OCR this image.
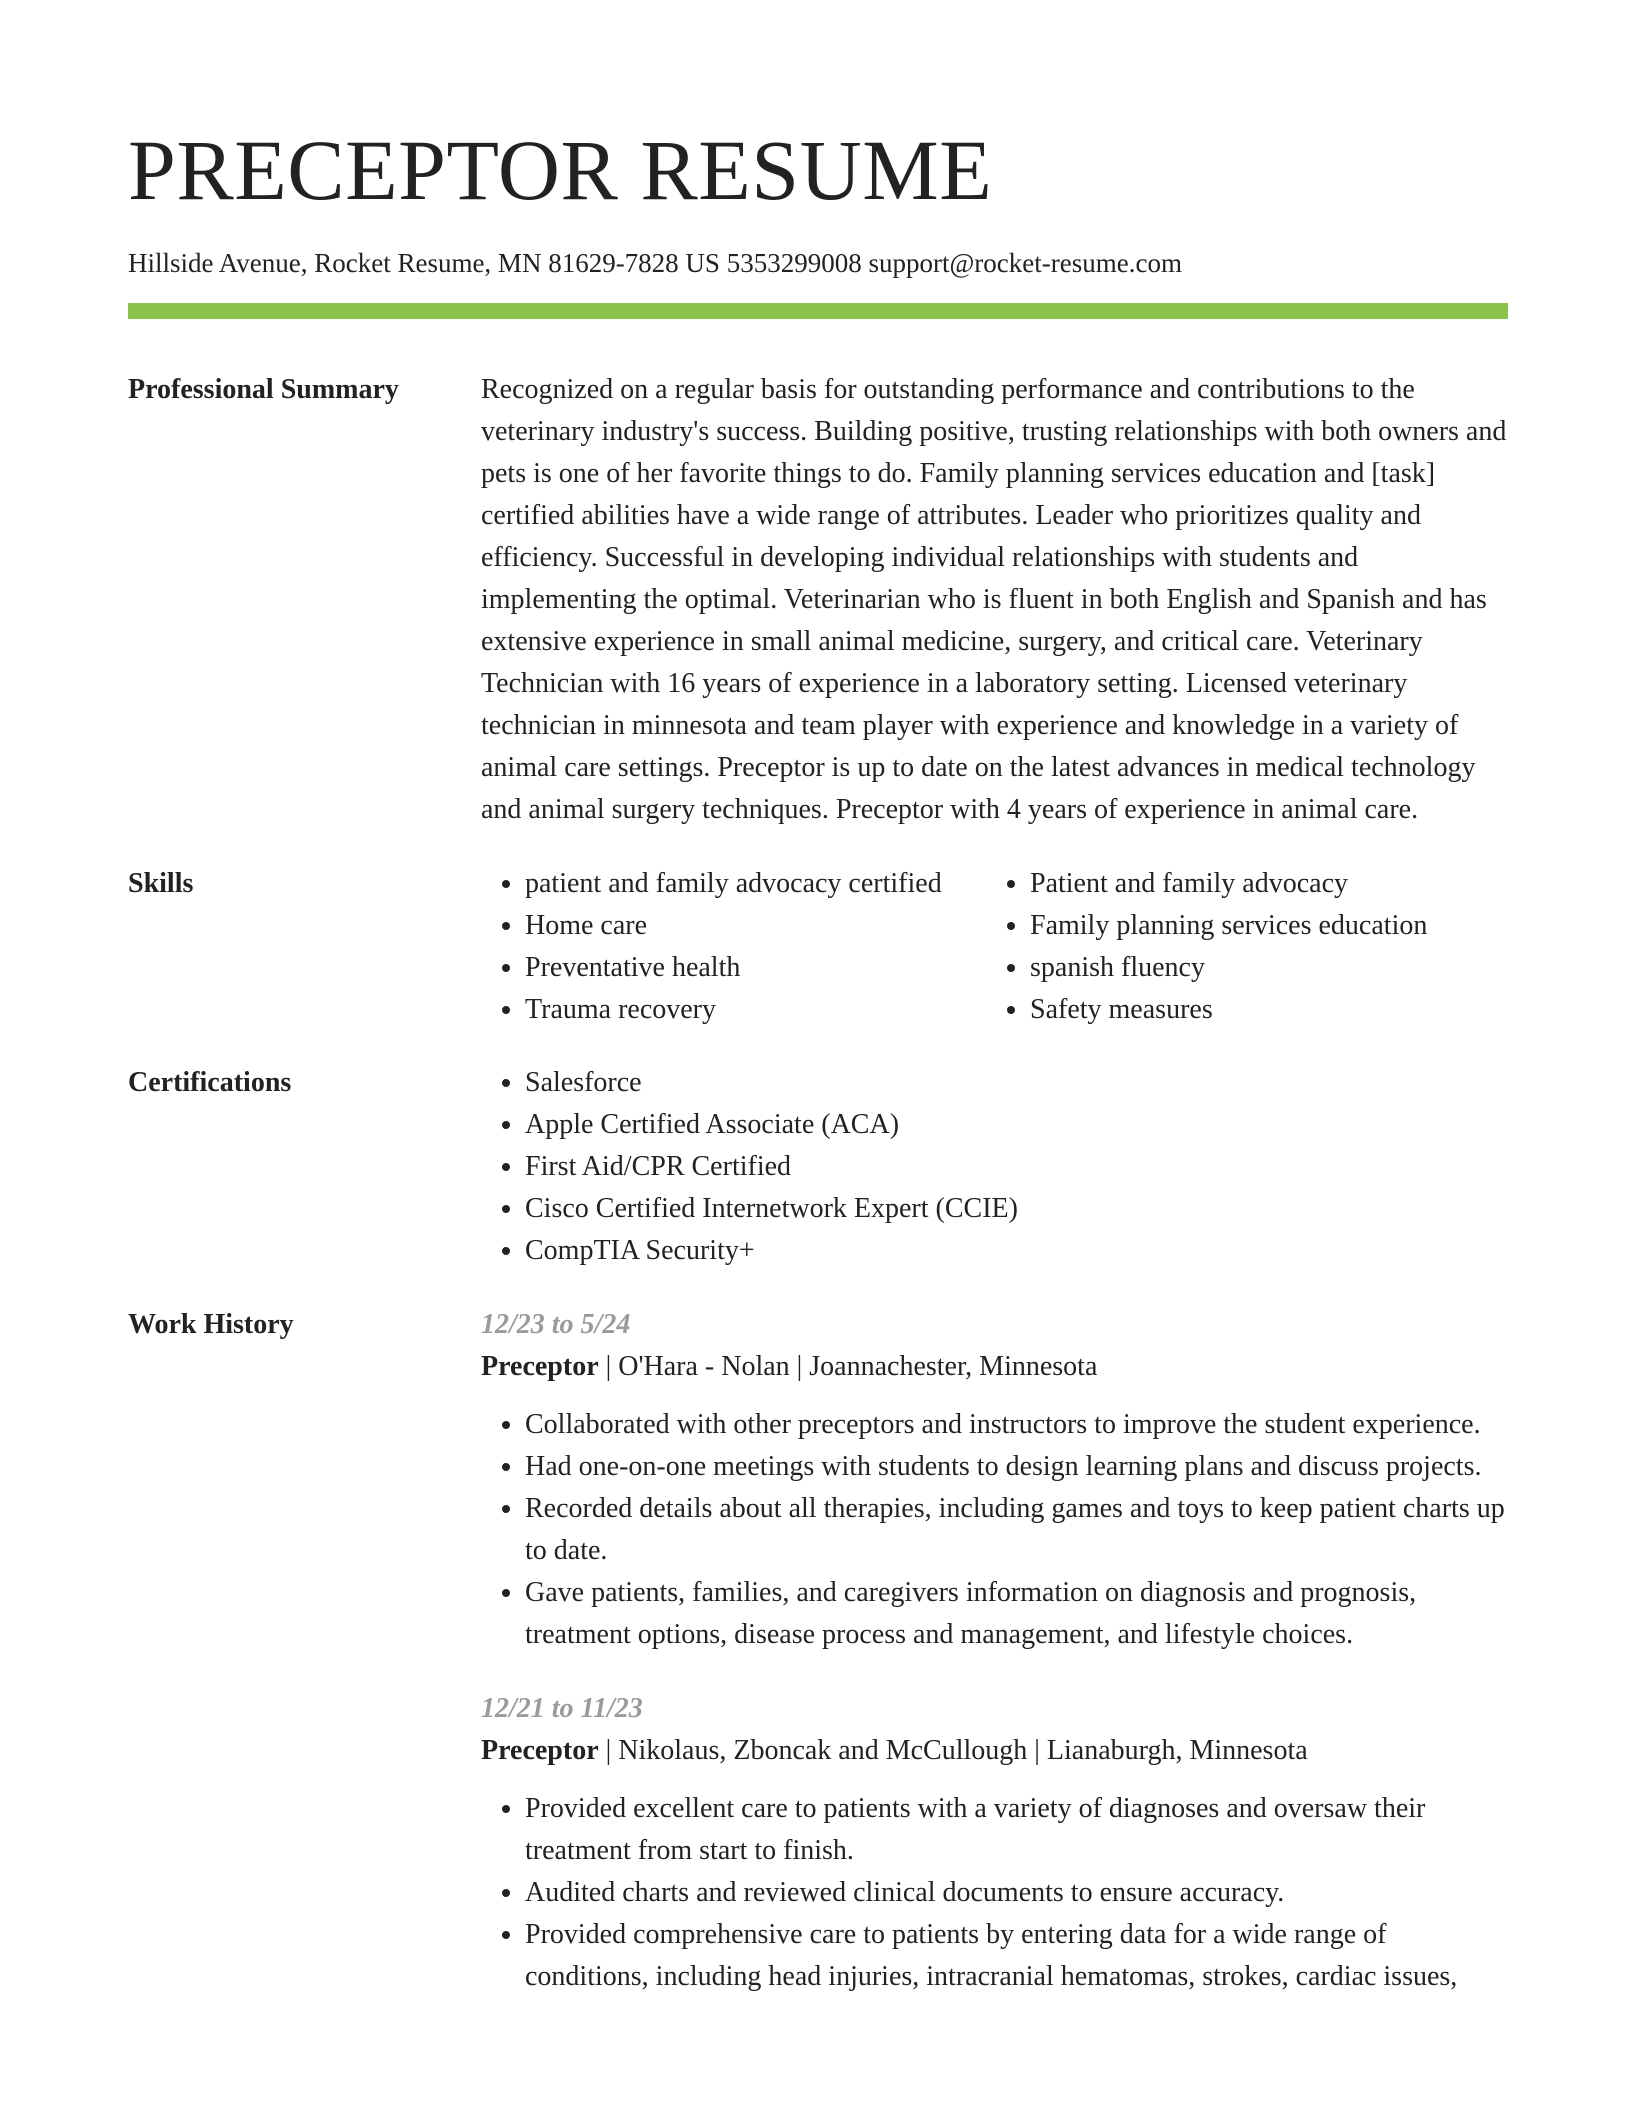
PRECEPTOR RESUME
Hillside Avenue, Rocket Resume, MN 81629-7828 US 5353299008 support@rocket-resume.com
Professional Summary	Recognized on a regular basis for outstanding performance and contributions to the veterinary industry's success. Building positive, trusting relationships with both owners and pets is one of her favorite things to do. Family planning services education and [task] certified abilities have a wide range of attributes. Leader who prioritizes quality and efficiency. Successful in developing individual relationships with students and implementing the optimal. Veterinarian who is fluent in both English and Spanish and has extensive experience in small animal medicine, surgery, and critical care. Veterinary Technician with 16 years of experience in a laboratory setting. Licensed veterinary technician in minnesota and team player with experience and knowledge in a variety of animal care settings. Preceptor is up to date on the latest advances in medical technology and animal surgery techniques. Preceptor with 4 years of experience in animal care.

Skills	• patient and family advocacy certified
• Home care
• Preventative health
• Trauma recovery
• Patient and family advocacy
• Family planning services education
• spanish fluency
• Safety measures
Certifications	• Salesforce
• Apple Certified Associate (ACA)
• First Aid/CPR Certified
• Cisco Certified Internetwork Expert (CCIE)
• CompTIA Security+
Work History	12/23 to 5/24
Preceptor | O'Hara - Nolan | Joannachester, Minnesota
• Collaborated with other preceptors and instructors to improve the student experience.
• Had one-on-one meetings with students to design learning plans and discuss projects.
• Recorded details about all therapies, including games and toys to keep patient charts up to date.
• Gave patients, families, and caregivers information on diagnosis and prognosis, treatment options, disease process and management, and lifestyle choices.
12/21 to 11/23
Preceptor | Nikolaus, Zboncak and McCullough | Lianaburgh, Minnesota
• Provided excellent care to patients with a variety of diagnoses and oversaw their treatment from start to finish.
• Audited charts and reviewed clinical documents to ensure accuracy.
• Provided comprehensive care to patients by entering data for a wide range of conditions, including head injuries, intracranial hematomas, strokes, cardiac issues,
